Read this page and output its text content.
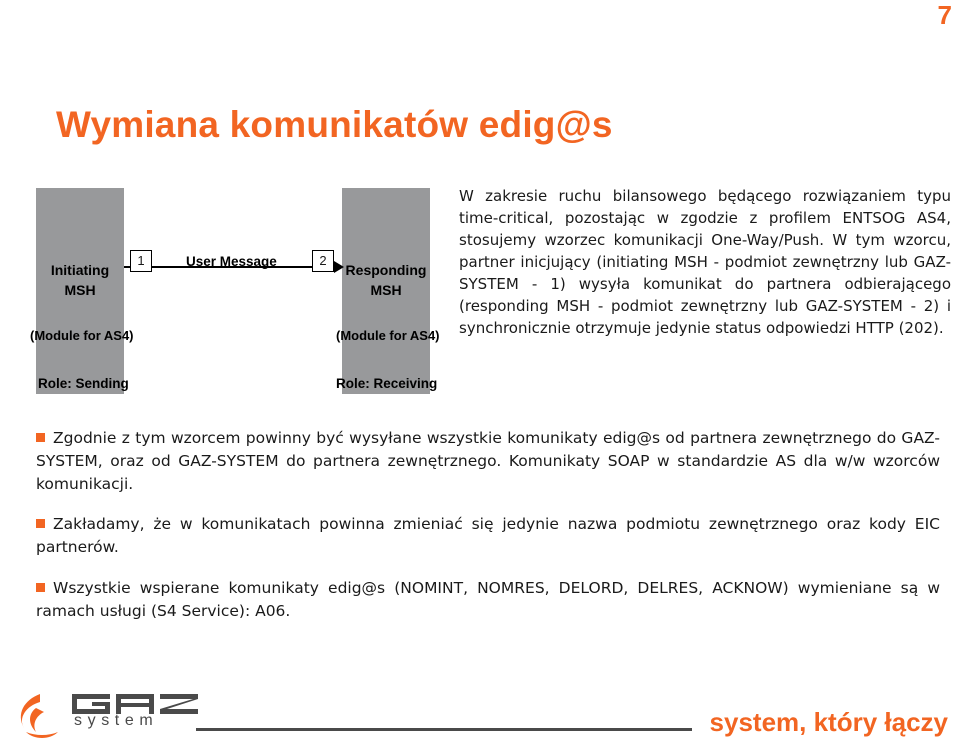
7
Wymiana komunikatów edig@s
Initiating
MSH
(Module for AS4)
Role: Sending
Responding
MSH
(Module for AS4)
Role: Receiving
1	2
User Message
W zakresie ruchu bilansowego będącego rozwiązaniem typu time-critical, pozostając w zgodzie z profilem ENTSOG AS4, stosujemy wzorzec komunikacji One-Way/Push. W tym wzorcu, partner inicjujący (initiating MSH - podmiot zewnętrzny lub GAZ-SYSTEM - 1) wysyła komunikat do partnera odbierającego (responding MSH - podmiot zewnętrzny lub GAZ-SYSTEM - 2) i synchronicznie otrzymuje jedynie status odpowiedzi HTTP (202).
Zgodnie z tym wzorcem powinny być wysyłane wszystkie komunikaty edig@s od partnera zewnętrznego do GAZ-SYSTEM, oraz od GAZ-SYSTEM do partnera zewnętrznego. Komunikaty SOAP w standardzie AS dla w/w wzorców komunikacji.
Zakładamy, że w komunikatach powinna zmieniać się jedynie nazwa podmiotu zewnętrznego oraz kody EIC partnerów.
Wszystkie wspierane komunikaty edig@s (NOMINT, NOMRES, DELORD, DELRES, ACKNOW) wymieniane są w ramach usługi (S4 Service): A06.
system	system, który łączy
